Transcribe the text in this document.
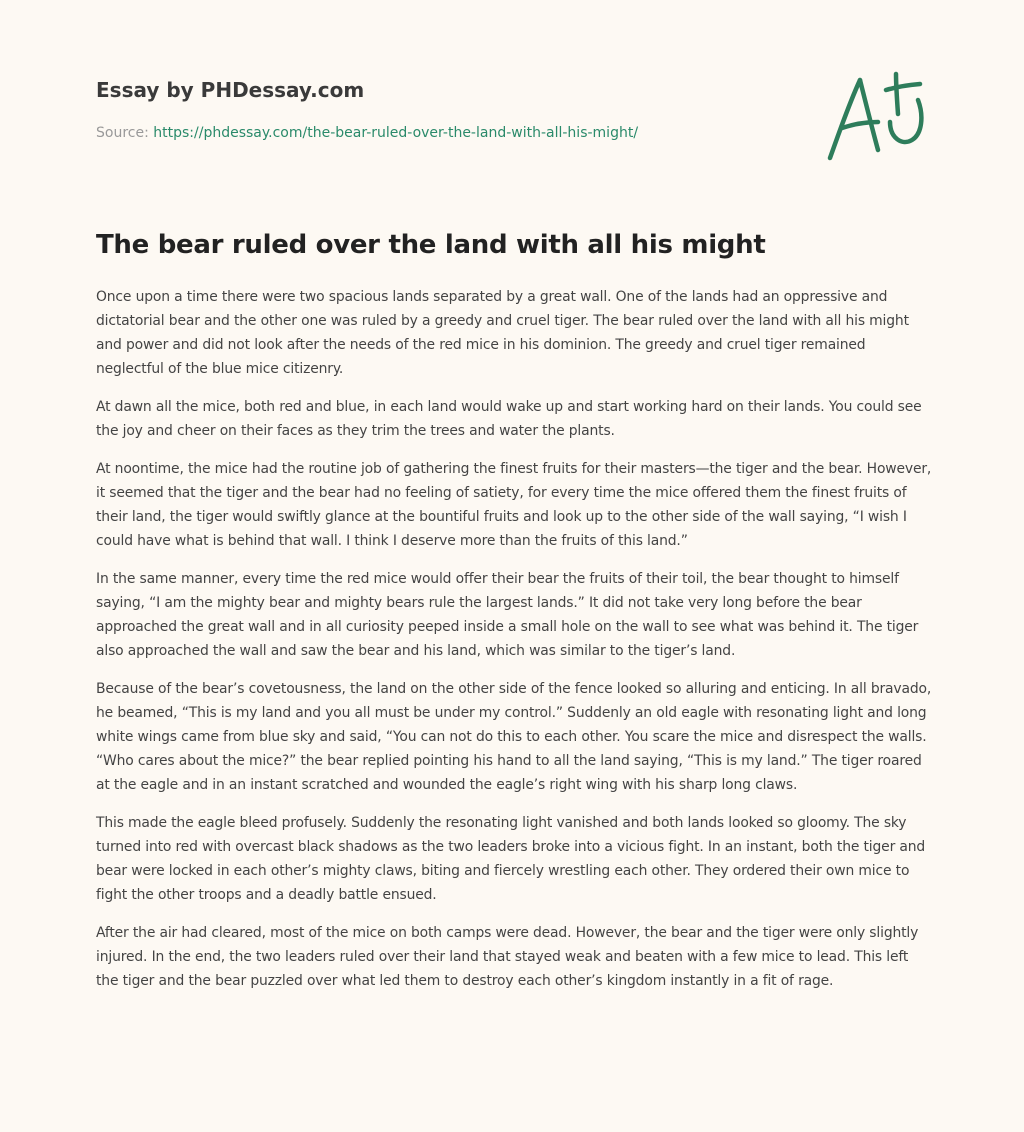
Essay by PHDessay.com

Source: https://phdessay.com/the-bear-ruled-over-the-land-with-all-his-might/
The bear ruled over the land with all his might

Once upon a time there were two spacious lands separated by a great wall. One of the lands had an oppressive and dictatorial bear and the other one was ruled by a greedy and cruel tiger. The bear ruled over the land with all his might and power and did not look after the needs of the red mice in his dominion. The greedy and cruel tiger remained neglectful of the blue mice citizenry.

At dawn all the mice, both red and blue, in each land would wake up and start working hard on their lands. You could see the joy and cheer on their faces as they trim the trees and water the plants.

At noontime, the mice had the routine job of gathering the finest fruits for their masters—the tiger and the bear. However, it seemed that the tiger and the bear had no feeling of satiety, for every time the mice offered them the finest fruits of their land, the tiger would swiftly glance at the bountiful fruits and look up to the other side of the wall saying, “I wish I could have what is behind that wall. I think I deserve more than the fruits of this land.”

In the same manner, every time the red mice would offer their bear the fruits of their toil, the bear thought to himself saying, “I am the mighty bear and mighty bears rule the largest lands.” It did not take very long before the bear approached the great wall and in all curiosity peeped inside a small hole on the wall to see what was behind it. The tiger also approached the wall and saw the bear and his land, which was similar to the tiger’s land.

Because of the bear’s covetousness, the land on the other side of the fence looked so alluring and enticing. In all bravado, he beamed, “This is my land and you all must be under my control.” Suddenly an old eagle with resonating light and long white wings came from blue sky and said, “You can not do this to each other. You scare the mice and disrespect the walls. “Who cares about the mice?” the bear replied pointing his hand to all the land saying, “This is my land.” The tiger roared at the eagle and in an instant scratched and wounded the eagle’s right wing with his sharp long claws.

This made the eagle bleed profusely. Suddenly the resonating light vanished and both lands looked so gloomy. The sky turned into red with overcast black shadows as the two leaders broke into a vicious fight. In an instant, both the tiger and bear were locked in each other’s mighty claws, biting and fiercely wrestling each other. They ordered their own mice to fight the other troops and a deadly battle ensued.

After the air had cleared, most of the mice on both camps were dead. However, the bear and the tiger were only slightly injured. In the end, the two leaders ruled over their land that stayed weak and beaten with a few mice to lead. This left the tiger and the bear puzzled over what led them to destroy each other’s kingdom instantly in a fit of rage.
